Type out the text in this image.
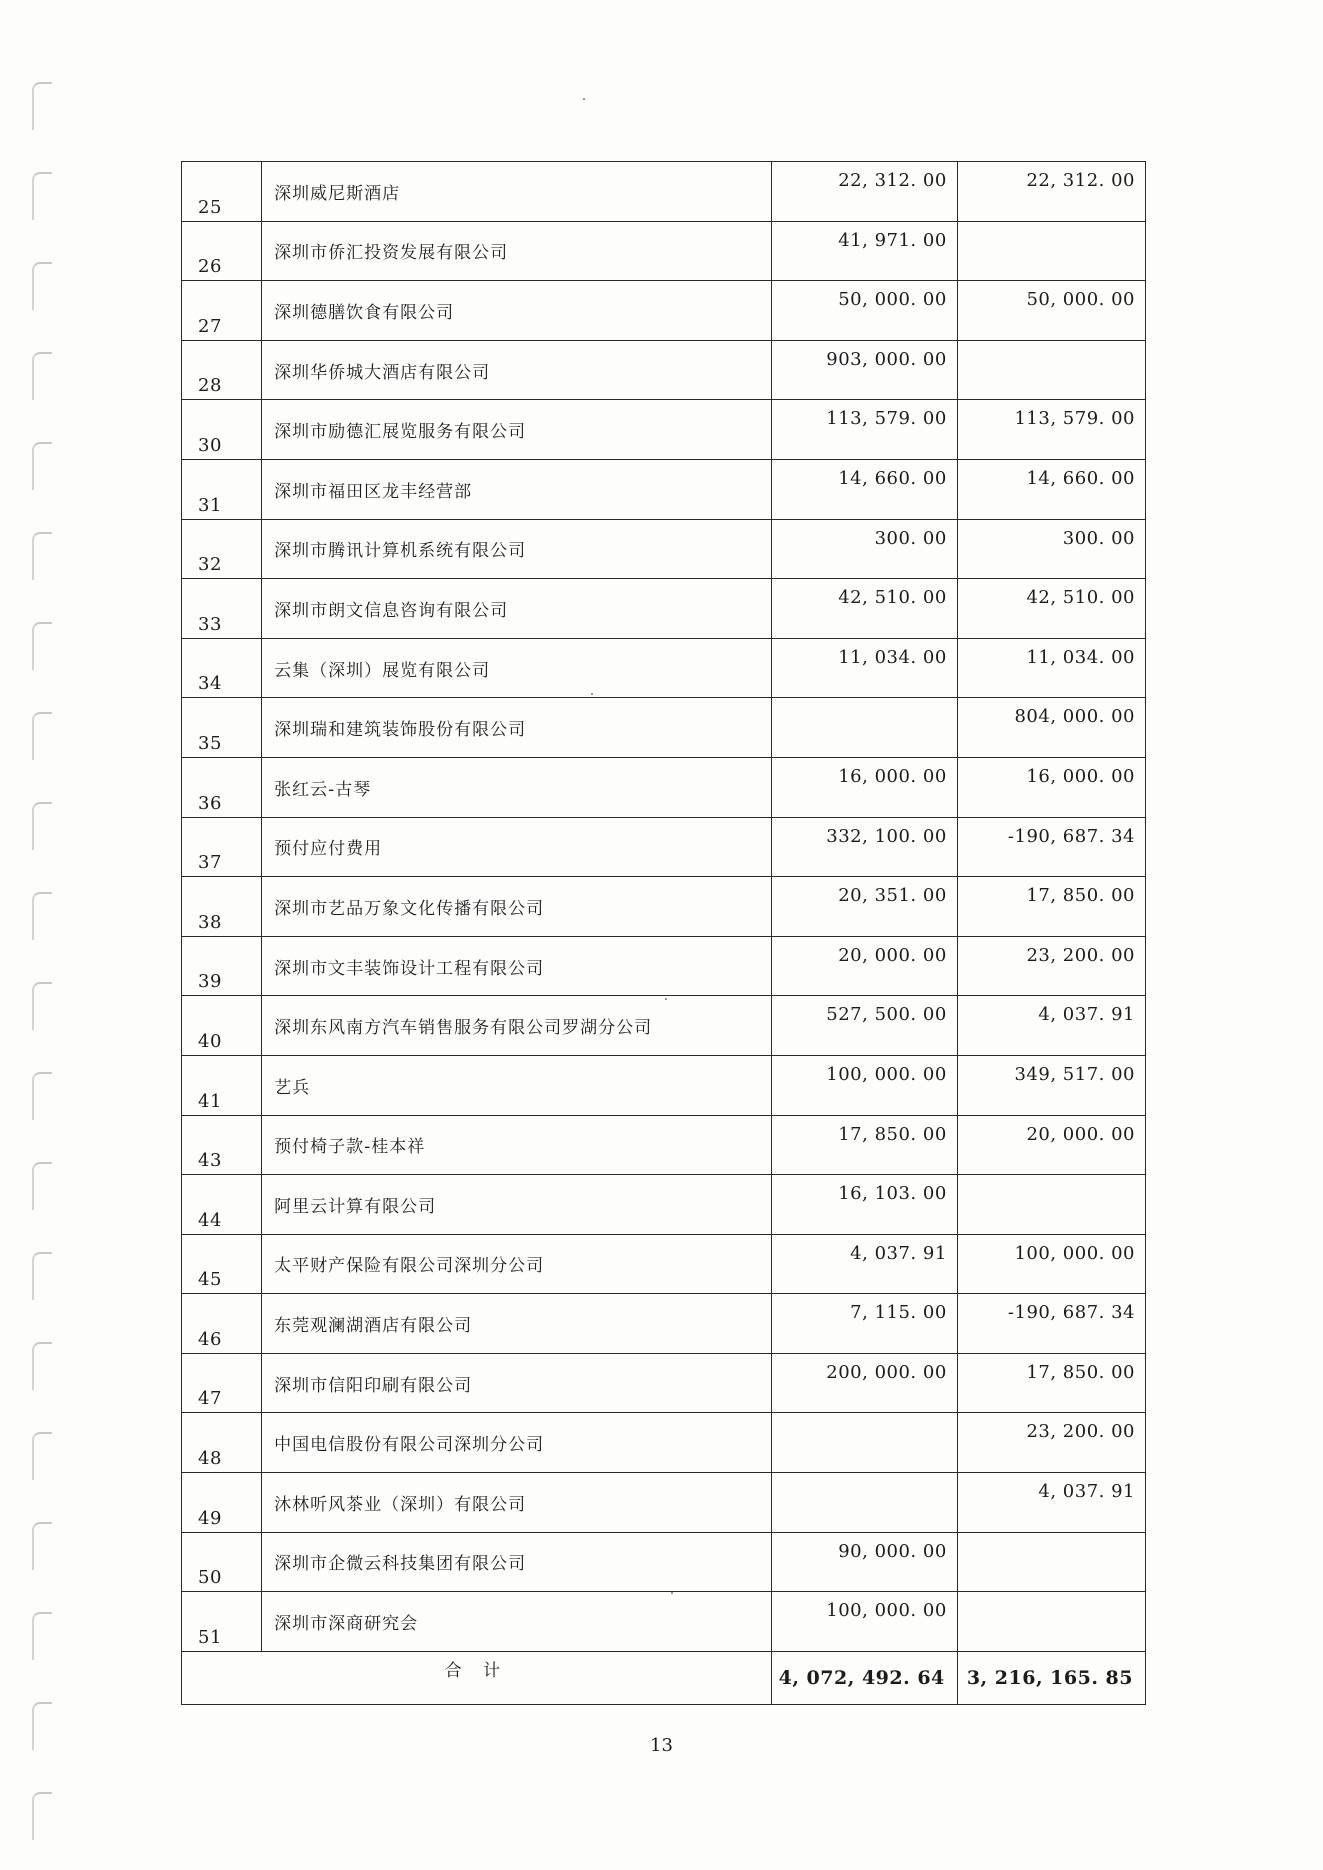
25	深圳威尼斯酒店	22, 312. 00	22, 312. 00
26	深圳市侨汇投资发展有限公司	41, 971. 00	
27	深圳德膳饮食有限公司	50, 000. 00	50, 000. 00
28	深圳华侨城大酒店有限公司	903, 000. 00	
30	深圳市励德汇展览服务有限公司	113, 579. 00	113, 579. 00
31	深圳市福田区龙丰经营部	14, 660. 00	14, 660. 00
32	深圳市腾讯计算机系统有限公司	300. 00	300. 00
33	深圳市朗文信息咨询有限公司	42, 510. 00	42, 510. 00
34	云集（深圳）展览有限公司	11, 034. 00	11, 034. 00
35	深圳瑞和建筑装饰股份有限公司		804, 000. 00
36	张红云-古琴	16, 000. 00	16, 000. 00
37	预付应付费用	332, 100. 00	-190, 687. 34
38	深圳市艺品万象文化传播有限公司	20, 351. 00	17, 850. 00
39	深圳市文丰装饰设计工程有限公司	20, 000. 00	23, 200. 00
40	深圳东风南方汽车销售服务有限公司罗湖分公司	527, 500. 00	4, 037. 91
41	艺兵	100, 000. 00	349, 517. 00
43	预付椅子款-桂本祥	17, 850. 00	20, 000. 00
44	阿里云计算有限公司	16, 103. 00	
45	太平财产保险有限公司深圳分公司	4, 037. 91	100, 000. 00
46	东莞观澜湖酒店有限公司	7, 115. 00	-190, 687. 34
47	深圳市信阳印刷有限公司	200, 000. 00	17, 850. 00
48	中国电信股份有限公司深圳分公司		23, 200. 00
49	沐林听风茶业（深圳）有限公司		4, 037. 91
50	深圳市企微云科技集团有限公司	90, 000. 00	
51	深圳市深商研究会	100, 000. 00	
合 计		4, 072, 492. 64	3, 216, 165. 85
13
